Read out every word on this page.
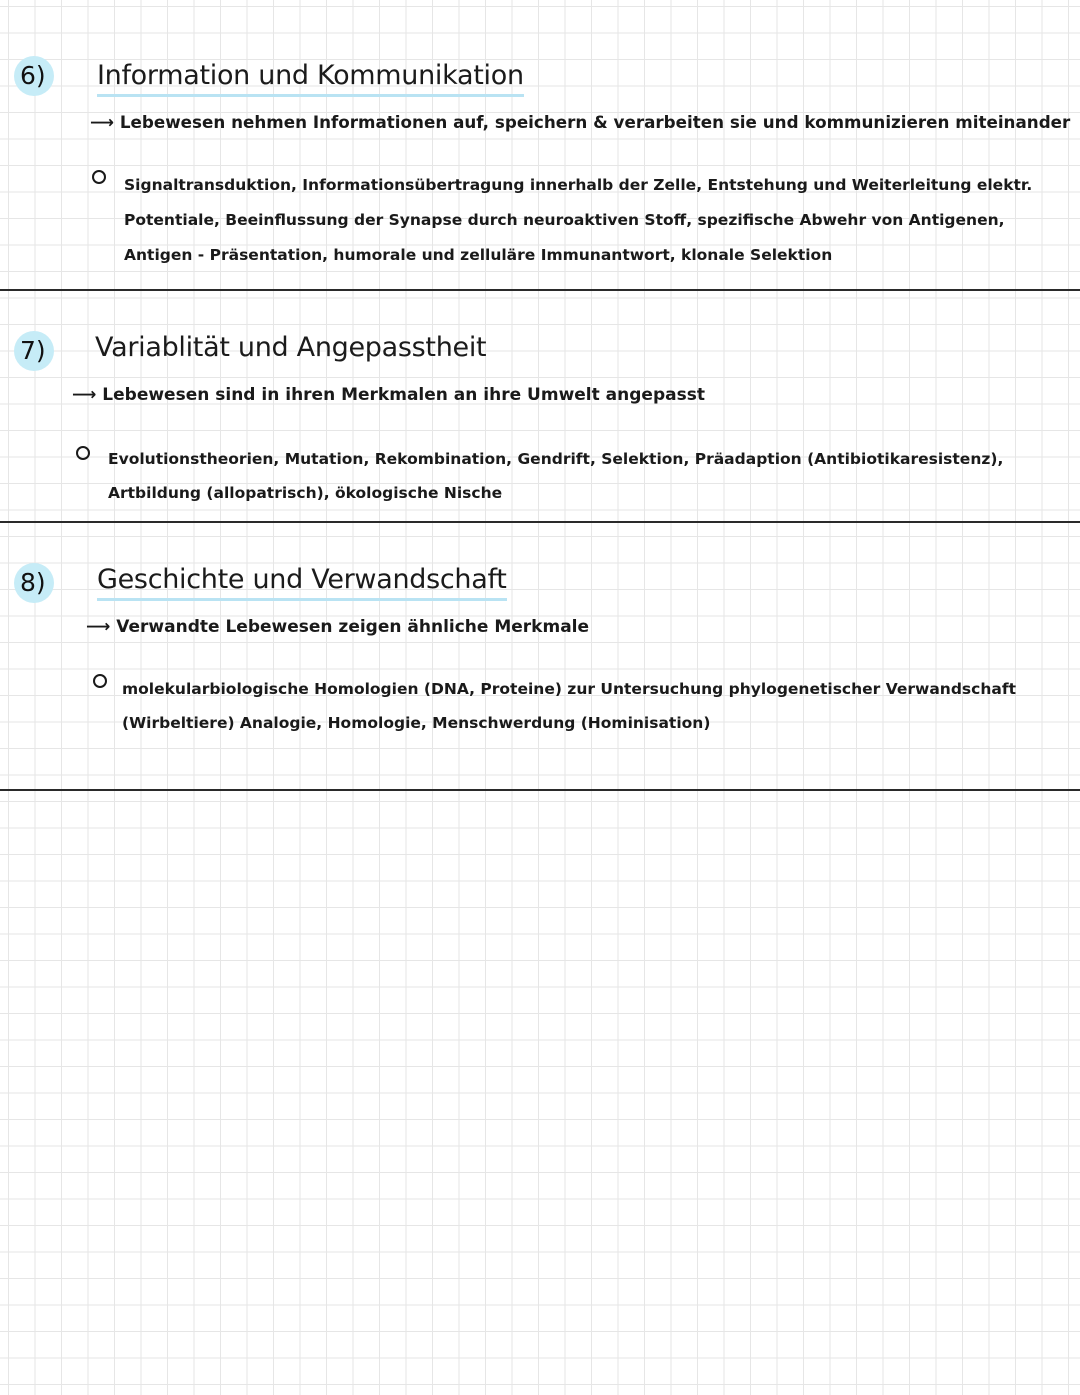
6)	Information und Kommunikation
⟶ Lebewesen nehmen Informationen auf, speichern & verarbeiten sie und kommunizieren miteinander
Signaltransduktion, Informationsübertragung innerhalb der Zelle, Entstehung und Weiterleitung elektr.
Potentiale, Beeinflussung der Synapse durch neuroaktiven Stoff, spezifische Abwehr von Antigenen,
Antigen - Präsentation, humorale und zelluläre Immunantwort, klonale Selektion
7)	Variablität und Angepasstheit
⟶ Lebewesen sind in ihren Merkmalen an ihre Umwelt angepasst
Evolutionstheorien, Mutation, Rekombination, Gendrift, Selektion, Präadaption (Antibiotikaresistenz),
Artbildung (allopatrisch), ökologische Nische
8)	Geschichte und Verwandschaft
⟶ Verwandte Lebewesen zeigen ähnliche Merkmale
molekularbiologische Homologien (DNA, Proteine) zur Untersuchung phylogenetischer Verwandschaft
(Wirbeltiere) Analogie, Homologie, Menschwerdung (Hominisation)
